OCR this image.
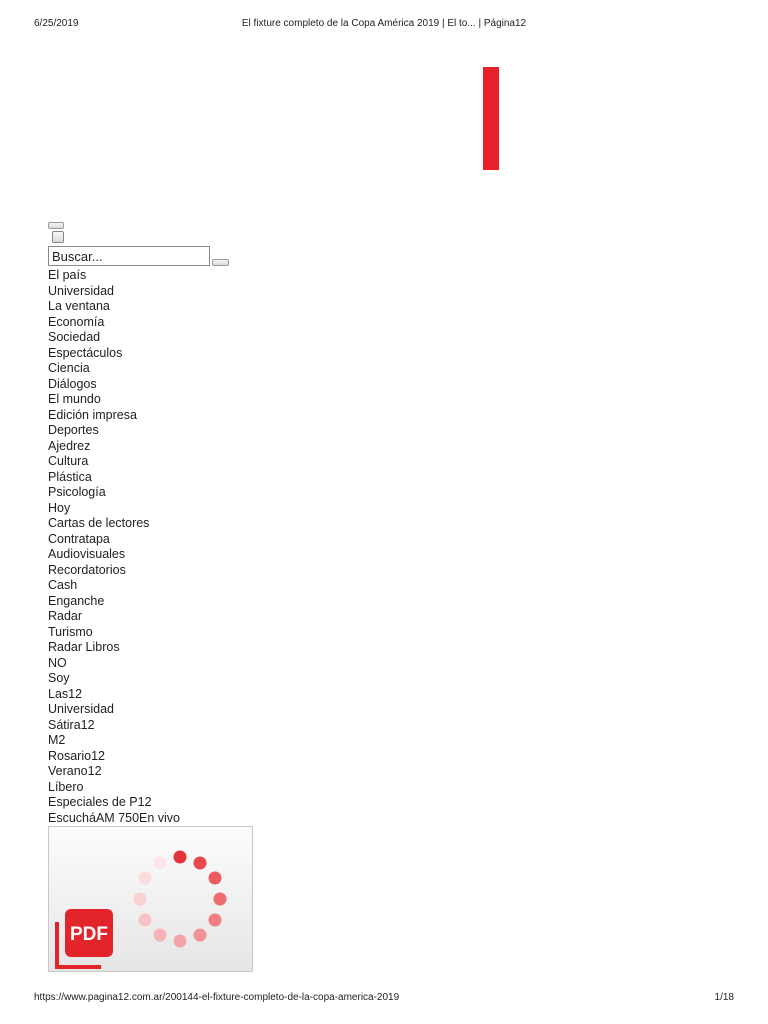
6/25/2019	El fixture completo de la Copa América 2019 | El to... | Página12
Buscar...
El país
Universidad
La ventana
Economía
Sociedad
Espectáculos
Ciencia
Diálogos
El mundo
Edición impresa
Deportes
Ajedrez
Cultura
Plástica
Psicología
Hoy
Cartas de lectores
Contratapa
Audiovisuales
Recordatorios
Cash
Enganche
Radar
Turismo
Radar Libros
NO
Soy
Las12
Universidad
Sátira12
M2
Rosario12
Verano12
Líbero
Especiales de P12
EscucháAM 750En vivo
PDF
https://www.pagina12.com.ar/200144-el-fixture-completo-de-la-copa-america-2019	1/18
